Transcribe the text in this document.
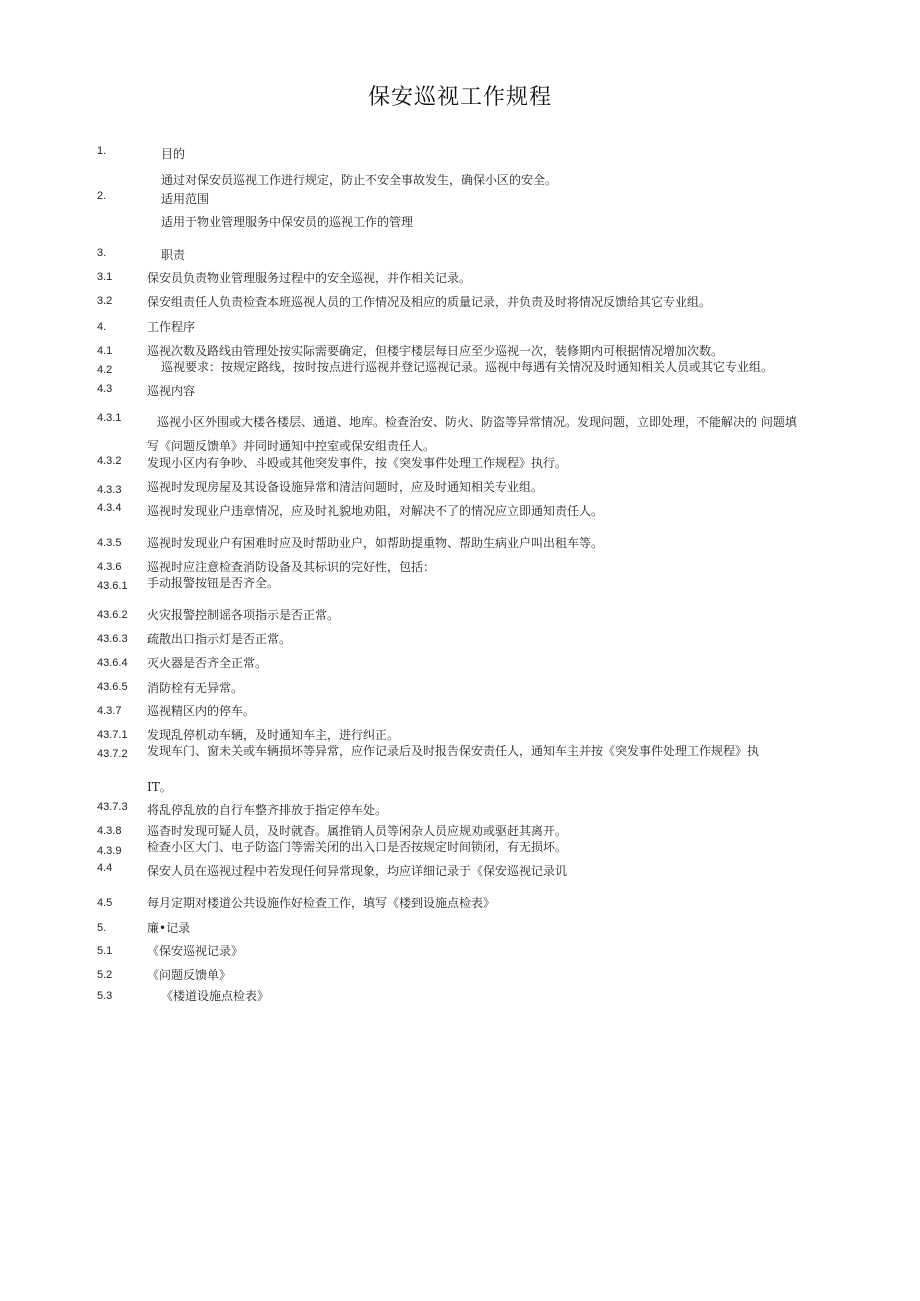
保安巡视工作规程
1.	目的
通过对保安员巡视工作进行规定，防止不安全事故发生，确保小区的安全。
2.	适用范围
适用于物业管理服务中保安员的巡视工作的管理
3.	职责
3.1	保安员负责物业管理服务过程中的安全巡视，并作相关记录。
3.2	保安组责任人负责检查本班巡视人员的工作情况及相应的质量记录，并负责及时将情况反馈给其它专业组。
4.	工作程序
4.1	巡视次数及路线由管理处按实际需要确定，但楼宇楼层每日应至少巡视一次，装修期内可根据情况增加次数。
4.2	巡视要求：按规定路线，按时按点进行巡视并登记巡视记录。巡视中每遇有关情况及时通知相关人员或其它专业组。
4.3	巡视内容
4.3.1	巡视小区外围或大楼各楼层、通道、地库。检查治安、防火、防盗等异常情况。发现问题，立即处理，不能解决的 问题填
写《问题反馈单》并同时通知中控室或保安组责任人。
4.3.2 发现小区内有争吵、斗殴或其他突发事件，按《突发事件处理工作规程》执行。
4.3.3 巡视时发现房屋及其设备设施异常和清洁问题时，应及时通知相关专业组。
4.3.4 巡视时发现业户违章情况，应及时礼貌地劝阻，对解决不了的情况应立即通知责任人。
4.3.5 巡视时发现业户有困难时应及时帮助业户，如帮助提重物、帮助生病业户叫出租车等。
4.3.6 巡视时应注意检查消防设备及其标识的完好性，包括：
43.6.1 手动报警按钮是否齐全。
43.6.2 火灾报警控制谣各项指示是否正常。
43.6.3 疏散出口指示灯是否正常。
43.6.4 灭火器是否齐全正常。
43.6.5 消防栓有无异常。
4.3.7 巡视精区内的停车。
43.7.1 发现乱停机动车辆，及时通知车主，进行纠正。
43.7.2 发现车门、窗未关或车辆损坏等异常，应作记录后及时报告保安责任人，通知车主并按《突发事件处理工作规程》执
IT。
43.7.3 将乱停乱放的自行车整齐排放于指定停车处。
4.3.8 巡杳时发现可疑人员，及时就杳。属推销人员等闲杂人员应规劝或驱赶其离开。
4.3.9 检查小区大门、电子防盗门等需关闭的出入口是否按规定时间锁闭，有无损坏。
4.4	保安人员在巡视过程中若发现任何异常现象，均应详细记录于《保安巡视记录讥
4.5	每月定期对楼道公共设施作好检查工作，填写《楼到设施点检表》
5.	廉•记录
5.1	《保安巡视记录》
5.2	《问题反馈单》
5.3	《楼道设施点检表》
